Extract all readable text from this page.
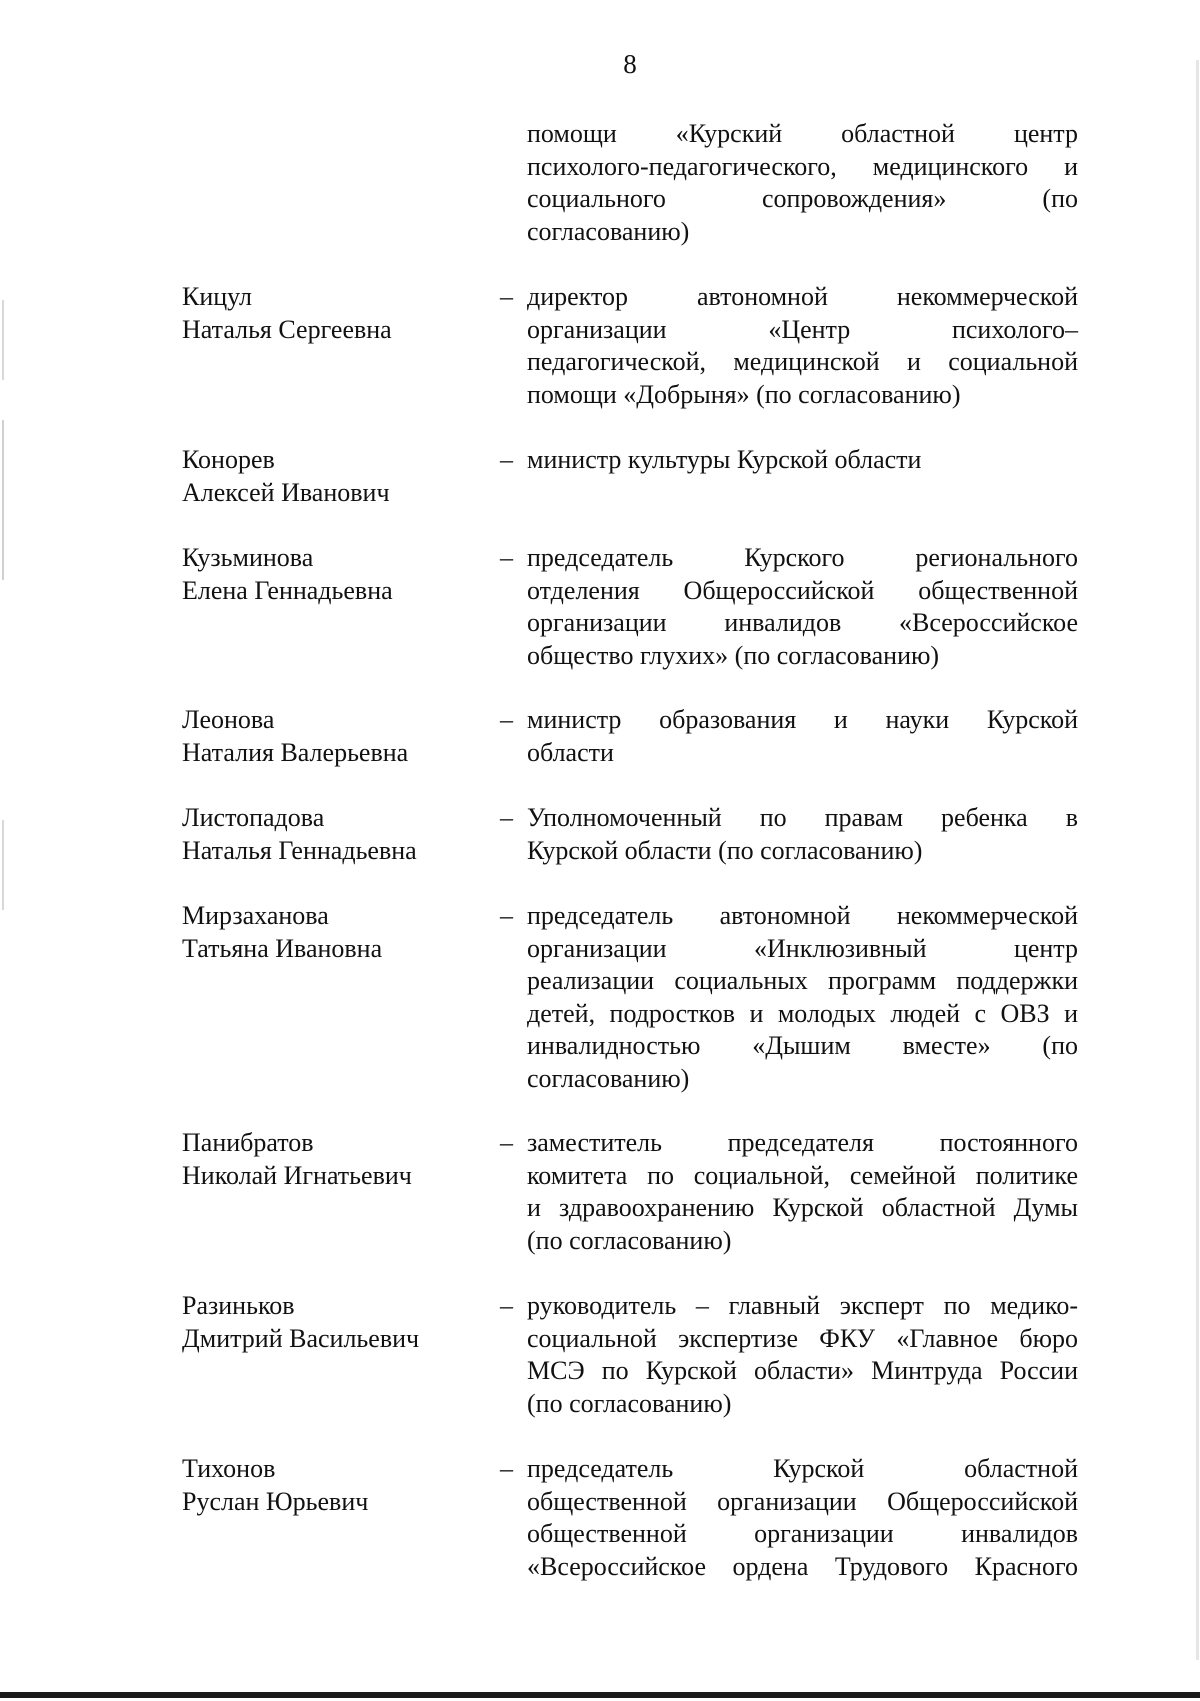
8
помощи «Курский областной центр
психолого-педагогического, медицинского и
социального сопровождения» (по
согласованию)
Кицул
Наталья Сергеевна
– директор автономной некоммерческой
организации «Центр психолого–
педагогической, медицинской и социальной
помощи «Добрыня» (по согласованию)
Конорев
Алексей Иванович
– министр культуры Курской области
Кузьминова
Елена Геннадьевна
– председатель Курского регионального
отделения Общероссийской общественной
организации инвалидов «Всероссийское
общество глухих» (по согласованию)
Леонова
Наталия Валерьевна
– министр образования и науки Курской
области
Листопадова
Наталья Геннадьевна
– Уполномоченный по правам ребенка в
Курской области (по согласованию)
Мирзаханова
Татьяна Ивановна
– председатель автономной некоммерческой
организации «Инклюзивный центр
реализации социальных программ поддержки
детей, подростков и молодых людей с ОВЗ и
инвалидностью «Дышим вместе» (по
согласованию)
Панибратов
Николай Игнатьевич
– заместитель председателя постоянного
комитета по социальной, семейной политике
и здравоохранению Курской областной Думы
(по согласованию)
Разиньков
Дмитрий Васильевич
– руководитель – главный эксперт по медико-
социальной экспертизе ФКУ «Главное бюро
МСЭ по Курской области» Минтруда России
(по согласованию)
Тихонов
Руслан Юрьевич
– председатель Курской областной
общественной организации Общероссийской
общественной организации инвалидов
«Всероссийское ордена Трудового Красного
